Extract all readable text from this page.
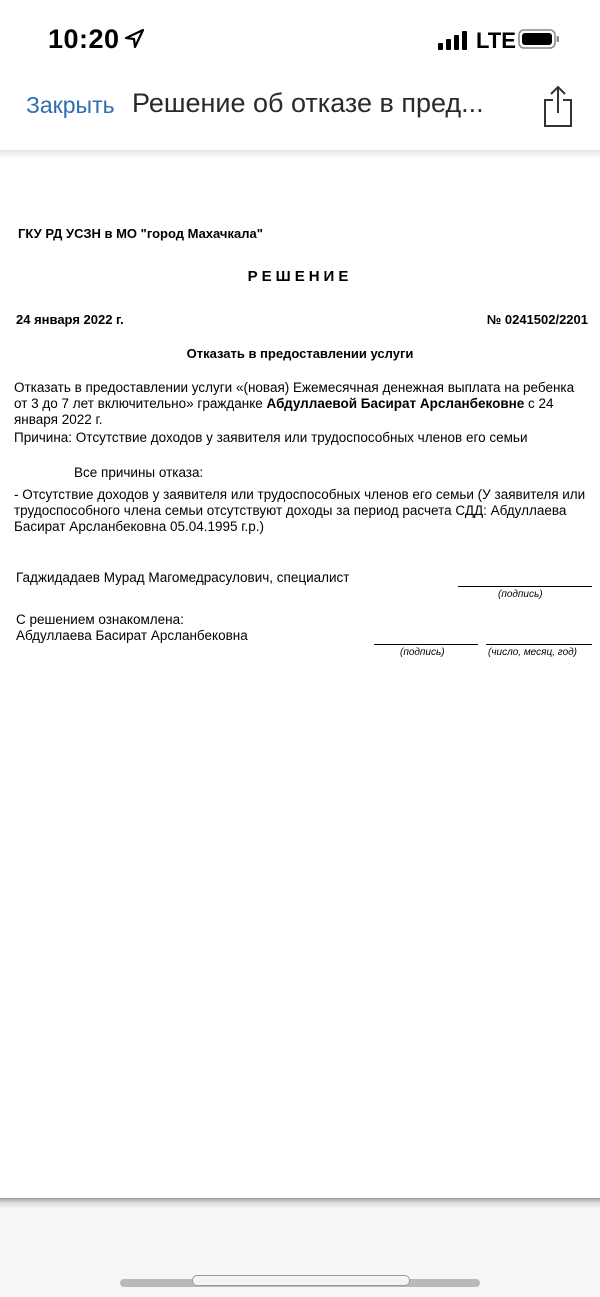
10:20	LTE
Закрыть Решение об отказе в пред...
ГКУ РД УСЗН в МО "город Махачкала"
РЕШЕНИЕ
24 января 2022 г.	№ 0241502/2201
Отказать в предоставлении услуги
Отказать в предоставлении услуги «(новая) Ежемесячная денежная выплата на ребенка от 3 до 7 лет включительно» гражданке Абдуллаевой Басират Арсланбековне с 24 января 2022 г.
Причина: Отсутствие доходов у заявителя или трудоспособных членов его семьи
Все причины отказа:
- Отсутствие доходов у заявителя или трудоспособных членов его семьи (У заявителя или трудоспособного члена семьи отсутствуют доходы за период расчета СДД: Абдуллаева Басират Арсланбековна 05.04.1995 г.р.)
Гаджидадаев Мурад Магомедрасулович, специалист
(подпись)
С решением ознакомлена:
Абдуллаева Басират Арсланбековна
(подпись)	(число, месяц, год)
